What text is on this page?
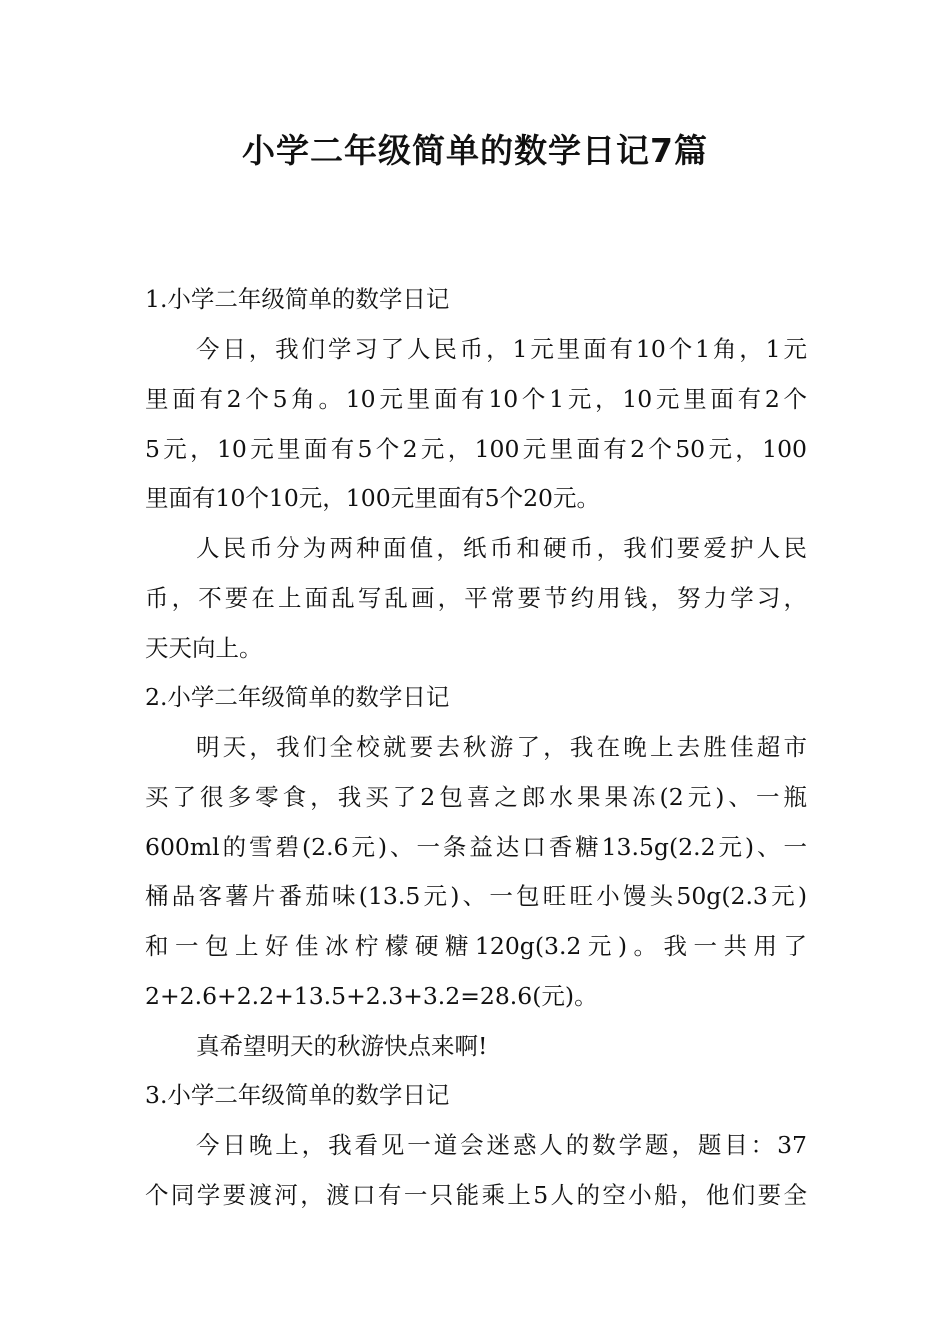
小学二年级简单的数学日记7篇
1.小学二年级简单的数学日记
今日，我们学习了人民币，1元里面有10个1角，1元
里面有2个5角。10元里面有10个1元，10元里面有2个
5元，10元里面有5个2元，100元里面有2个50元，100
里面有10个10元，100元里面有5个20元。
人民币分为两种面值，纸币和硬币，我们要爱护人民
币，不要在上面乱写乱画，平常要节约用钱，努力学习，
天天向上。
2.小学二年级简单的数学日记
明天，我们全校就要去秋游了，我在晚上去胜佳超市
买了很多零食，我买了2包喜之郎水果果冻(2元)、一瓶
600ml的雪碧(2.6元)、一条益达口香糖13.5g(2.2元)、一
桶品客薯片番茄味(13.5元)、一包旺旺小馒头50g(2.3元)
和一包上好佳冰柠檬硬糖120g(3.2元)。我一共用了
2+2.6+2.2+13.5+2.3+3.2=28.6(元)。
真希望明天的秋游快点来啊!
3.小学二年级简单的数学日记
今日晚上，我看见一道会迷惑人的数学题，题目：37
个同学要渡河，渡口有一只能乘上5人的空小船，他们要全
